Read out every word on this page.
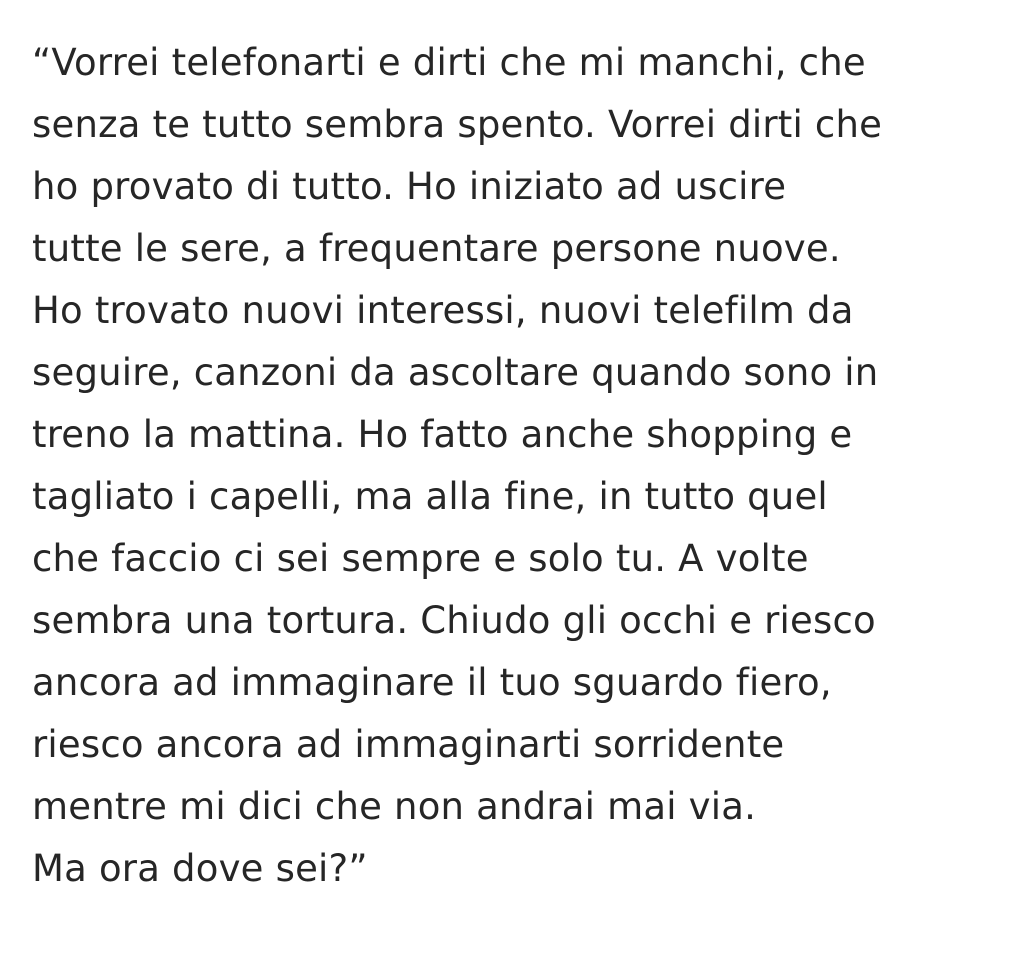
“Vorrei telefonarti e dirti che mi manchi, che
senza te tutto sembra spento. Vorrei dirti che
ho provato di tutto. Ho iniziato ad uscire
tutte le sere, a frequentare persone nuove.
Ho trovato nuovi interessi, nuovi telefilm da
seguire, canzoni da ascoltare quando sono in
treno la mattina. Ho fatto anche shopping e
tagliato i capelli, ma alla fine, in tutto quel
che faccio ci sei sempre e solo tu. A volte
sembra una tortura. Chiudo gli occhi e riesco
ancora ad immaginare il tuo sguardo fiero,
riesco ancora ad immaginarti sorridente
mentre mi dici che non andrai mai via.
Ma ora dove sei?”
